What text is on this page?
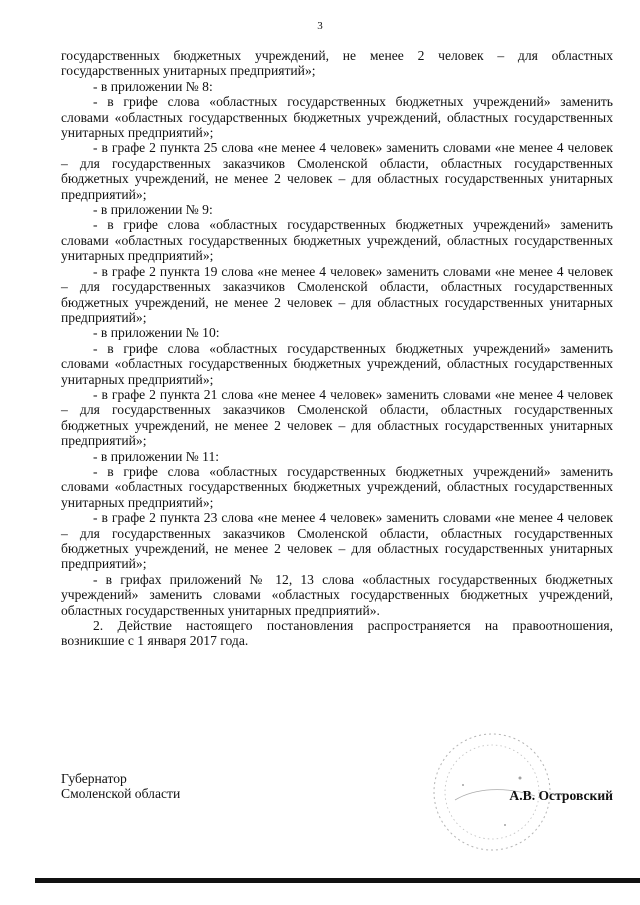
3

государственных бюджетных учреждений, не менее 2 человек – для областных государственных унитарных предприятий»;

- в приложении № 8:

- в грифе слова «областных государственных бюджетных учреждений» заменить словами «областных государственных бюджетных учреждений, областных государственных унитарных предприятий»;

- в графе 2 пункта 25 слова «не менее 4 человек» заменить словами «не менее 4 человек – для государственных заказчиков Смоленской области, областных государственных бюджетных учреждений, не менее 2 человек – для областных государственных унитарных предприятий»;

- в приложении № 9:

- в грифе слова «областных государственных бюджетных учреждений» заменить словами «областных государственных бюджетных учреждений, областных государственных унитарных предприятий»;

- в графе 2 пункта 19 слова «не менее 4 человек» заменить словами «не менее 4 человек – для государственных заказчиков Смоленской области, областных государственных бюджетных учреждений, не менее 2 человек – для областных государственных унитарных предприятий»;

- в приложении № 10:

- в грифе слова «областных государственных бюджетных учреждений» заменить словами «областных государственных бюджетных учреждений, областных государственных унитарных предприятий»;

- в графе 2 пункта 21 слова «не менее 4 человек» заменить словами «не менее 4 человек – для государственных заказчиков Смоленской области, областных государственных бюджетных учреждений, не менее 2 человек – для областных государственных унитарных предприятий»;

- в приложении № 11:

- в грифе слова «областных государственных бюджетных учреждений» заменить словами «областных государственных бюджетных учреждений, областных государственных унитарных предприятий»;

- в графе 2 пункта 23 слова «не менее 4 человек» заменить словами «не менее 4 человек – для государственных заказчиков Смоленской области, областных государственных бюджетных учреждений, не менее 2 человек – для областных государственных унитарных предприятий»;

- в грифах приложений № 12, 13 слова «областных государственных бюджетных учреждений» заменить словами «областных государственных бюджетных учреждений, областных государственных унитарных предприятий».

2. Действие настоящего постановления распространяется на правоотношения, возникшие с 1 января 2017 года.

Губернатор
Смоленской области	А.В. Островский
